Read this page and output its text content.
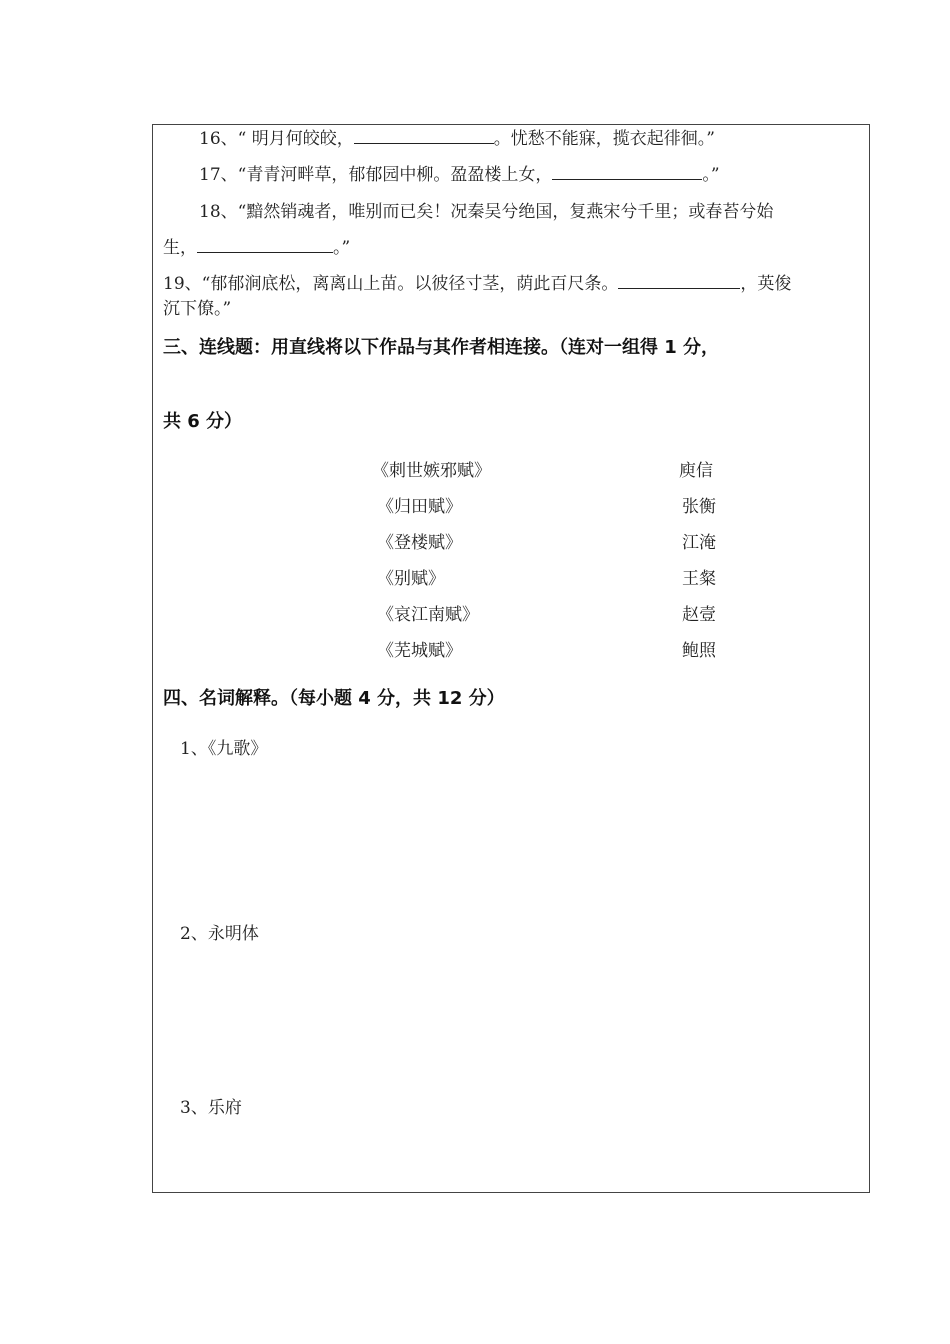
16、“ 明月何皎皎，	。忧愁不能寐，揽衣起徘徊。”
17、“青青河畔草，郁郁园中柳。盈盈楼上女，	。”
18、“黯然销魂者，唯别而已矣！况秦吴兮绝国，复燕宋兮千里；或春苔兮始
生，	。”
19、“郁郁涧底松，离离山上苗。以彼径寸茎，荫此百尺条。	，英俊
沉下僚。”
三、连线题：用直线将以下作品与其作者相连接。（连对一组得 1 分，
共 6 分）
《刺世嫉邪赋》	庾信
《归田赋》	张衡
《登楼赋》	江淹
《别赋》	王粲
《哀江南赋》	赵壹
《芜城赋》	鲍照
四、名词解释。（每小题 4 分，共 12 分）
1、《九歌》
2、永明体
3、乐府
